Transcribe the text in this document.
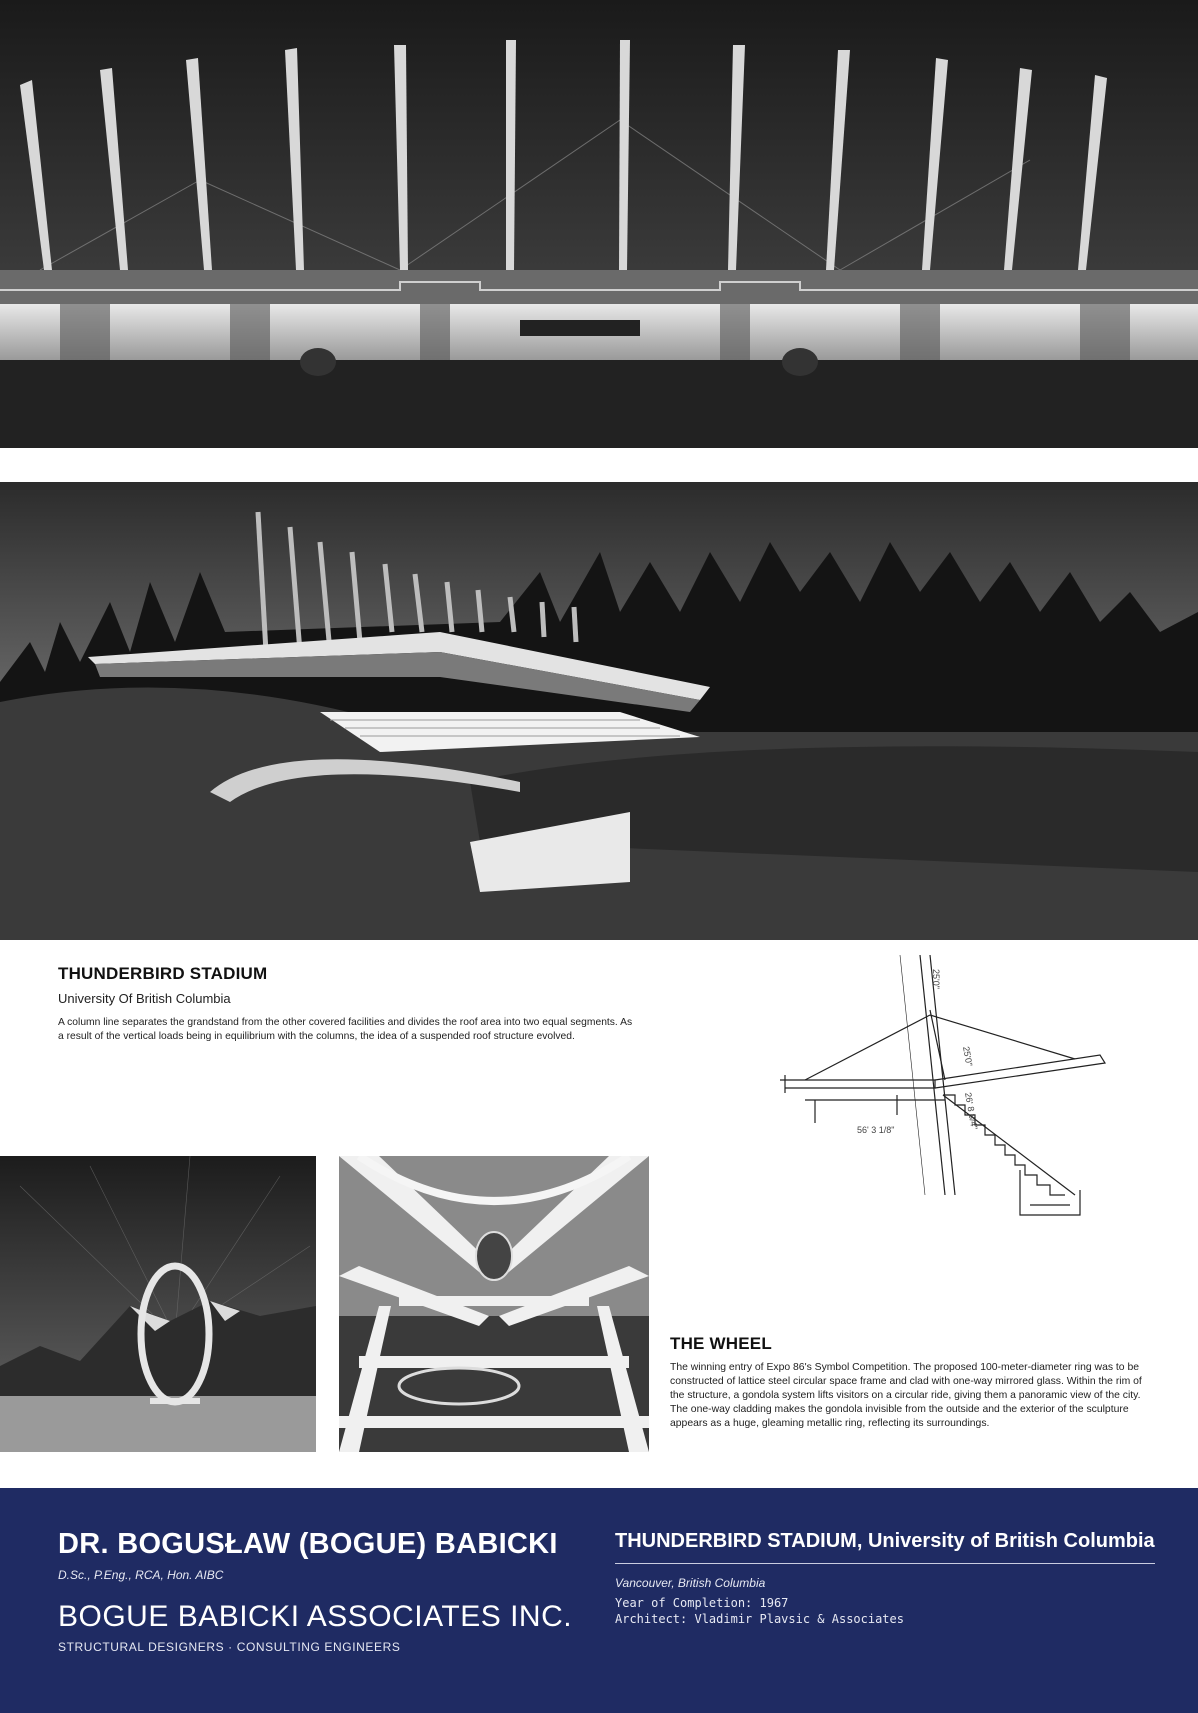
THUNDERBIRD STADIUM
University Of British Columbia
A column line separates the grandstand from the other covered facilities and divides the roof area into two equal segments. As a result of the vertical loads being in equilibrium with the columns, the idea of a suspended roof structure evolved.
25'0"
25'0"
26' 8 3/4"
56' 3 1/8"
THE WHEEL
The winning entry of Expo 86's Symbol Competition. The proposed 100-meter-diameter ring was to be constructed of lattice steel circular space frame and clad with one-way mirrored glass. Within the rim of the structure, a gondola system lifts visitors on a circular ride, giving them a panoramic view of the city. The one-way cladding makes the gondola invisible from the outside and the exterior of the sculpture appears as a huge, gleaming metallic ring, reflecting its surroundings.
DR. BOGUSŁAW (BOGUE) BABICKI
D.Sc., P.Eng., RCA, Hon. AIBC
BOGUE BABICKI ASSOCIATES INC.
STRUCTURAL DESIGNERS · CONSULTING ENGINEERS
THUNDERBIRD STADIUM, University of British Columbia
Vancouver, British Columbia
Year of Completion: 1967
Architect: Vladimir Plavsic & Associates
